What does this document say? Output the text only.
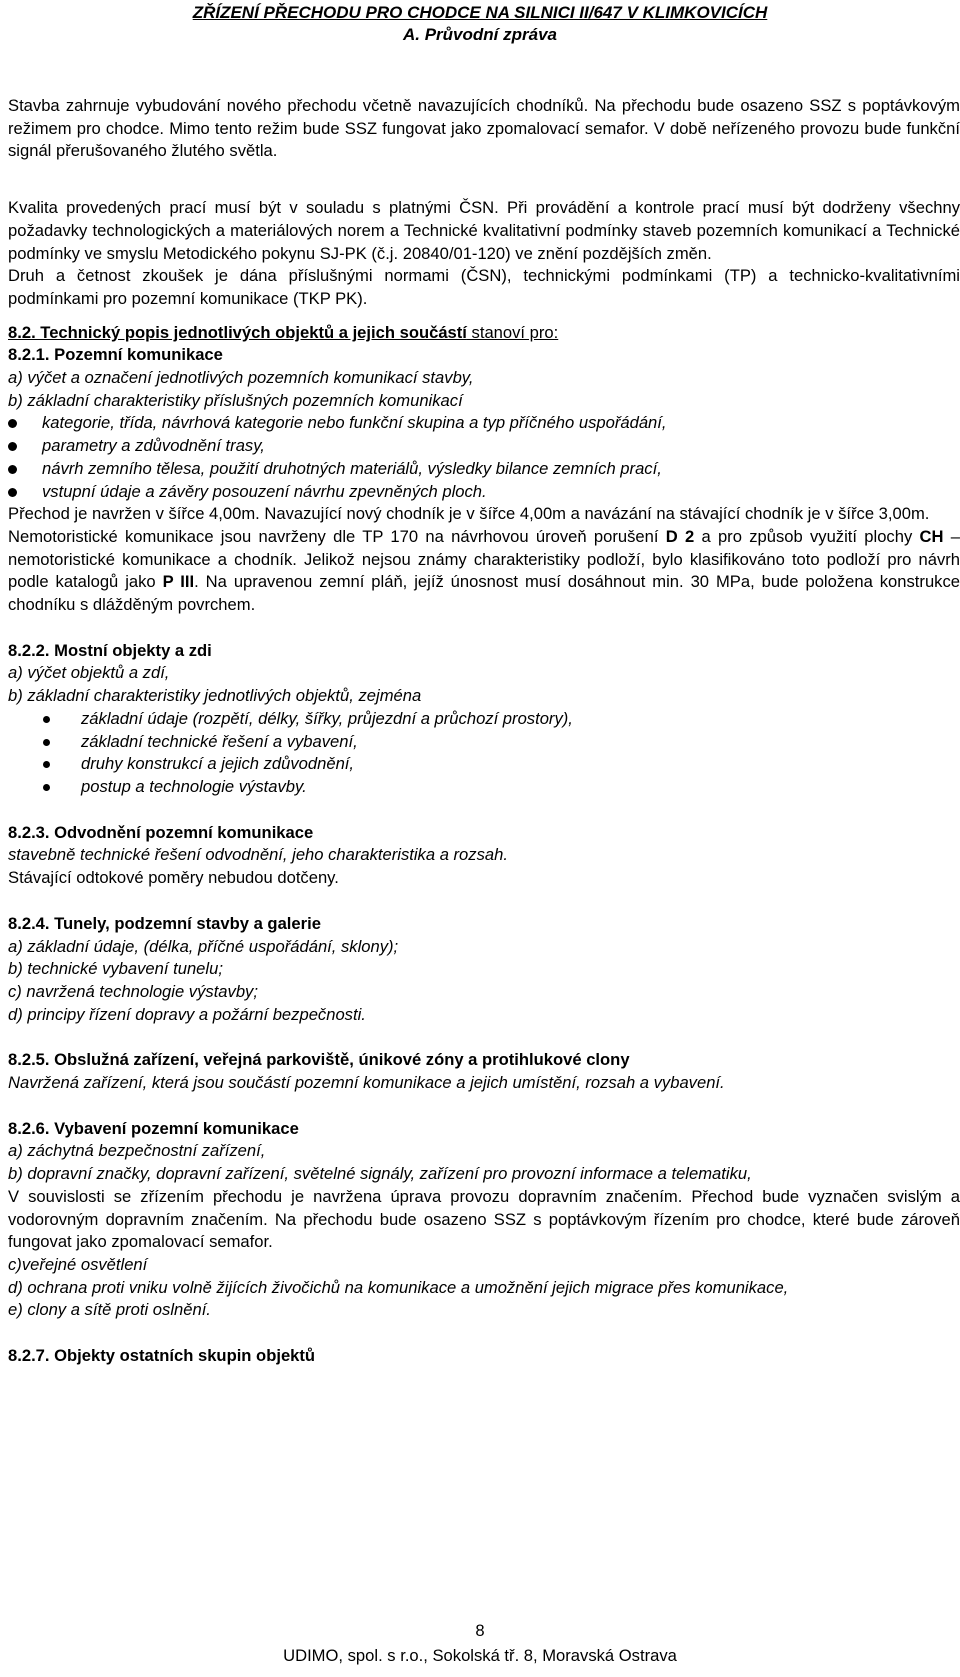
ZŘÍZENÍ PŘECHODU PRO CHODCE NA SILNICI II/647 V KLIMKOVICÍCH
A. Průvodní zpráva

Stavba zahrnuje vybudování nového přechodu včetně navazujících chodníků. Na přechodu bude osazeno SSZ s poptávkovým režimem pro chodce. Mimo tento režim bude SSZ fungovat jako zpomalovací semafor. V době neřízeného provozu bude funkční signál přerušovaného žlutého světla.

Kvalita provedených prací musí být v souladu s platnými ČSN. Při provádění a kontrole prací musí být dodrženy všechny požadavky technologických a materiálových norem a Technické kvalitativní podmínky staveb pozemních komunikací a Technické podmínky ve smyslu Metodického pokynu SJ-PK (č.j. 20840/01-120) ve znění pozdějších změn.

Druh a četnost zkoušek je dána příslušnými normami (ČSN), technickými podmínkami (TP) a technicko-kvalitativními podmínkami pro pozemní komunikace (TKP PK).

8.2. Technický popis jednotlivých objektů a jejich součástí stanoví pro:

8.2.1. Pozemní komunikace

a) výčet a označení jednotlivých pozemních komunikací stavby,

b) základní charakteristiky příslušných pozemních komunikací

kategorie, třída, návrhová kategorie nebo funkční skupina a typ příčného uspořádání,
parametry a zdůvodnění trasy,
návrh zemního tělesa, použití druhotných materiálů, výsledky bilance zemních prací,
vstupní údaje a závěry posouzení návrhu zpevněných ploch.

Přechod je navržen v šířce 4,00m. Navazující nový chodník je v šířce 4,00m a navázání na stávající chodník je v šířce 3,00m.

Nemotoristické komunikace jsou navrženy dle TP 170 na návrhovou úroveň porušení D 2 a pro způsob využití plochy CH – nemotoristické komunikace a chodník. Jelikož nejsou známy charakteristiky podloží, bylo klasifikováno toto podloží pro návrh podle katalogů jako P III. Na upravenou zemní pláň, jejíž únosnost musí dosáhnout min. 30 MPa, bude položena konstrukce chodníku s dlážděným povrchem.

8.2.2. Mostní objekty a zdi

a) výčet objektů a zdí,

b) základní charakteristiky jednotlivých objektů, zejména

základní údaje (rozpětí, délky, šířky, průjezdní a průchozí prostory),
základní technické řešení a vybavení,
druhy konstrukcí a jejich zdůvodnění,
postup a technologie výstavby.

8.2.3. Odvodnění pozemní komunikace

stavebně technické řešení odvodnění, jeho charakteristika a rozsah.

Stávající odtokové poměry nebudou dotčeny.

8.2.4. Tunely, podzemní stavby a galerie

a) základní údaje, (délka, příčné uspořádání, sklony);

b) technické vybavení tunelu;

c) navržená technologie výstavby;

d) principy řízení dopravy a požární bezpečnosti.

8.2.5. Obslužná zařízení, veřejná parkoviště, únikové zóny a protihlukové clony

Navržená zařízení, která jsou součástí pozemní komunikace a jejich umístění, rozsah a vybavení.

8.2.6. Vybavení pozemní komunikace

a) záchytná bezpečnostní zařízení,

b) dopravní značky, dopravní zařízení, světelné signály, zařízení pro provozní informace a telematiku,

V souvislosti se zřízením přechodu je navržena úprava provozu dopravním značením. Přechod bude vyznačen svislým a vodorovným dopravním značením. Na přechodu bude osazeno SSZ s poptávkovým řízením pro chodce, které bude zároveň fungovat jako zpomalovací semafor.

c)veřejné osvětlení

d) ochrana proti vniku volně žijících živočichů na komunikace a umožnění jejich migrace přes komunikace,

e) clony a sítě proti oslnění.

8.2.7. Objekty ostatních skupin objektů

8
UDIMO, spol. s r.o., Sokolská tř. 8, Moravská Ostrava
